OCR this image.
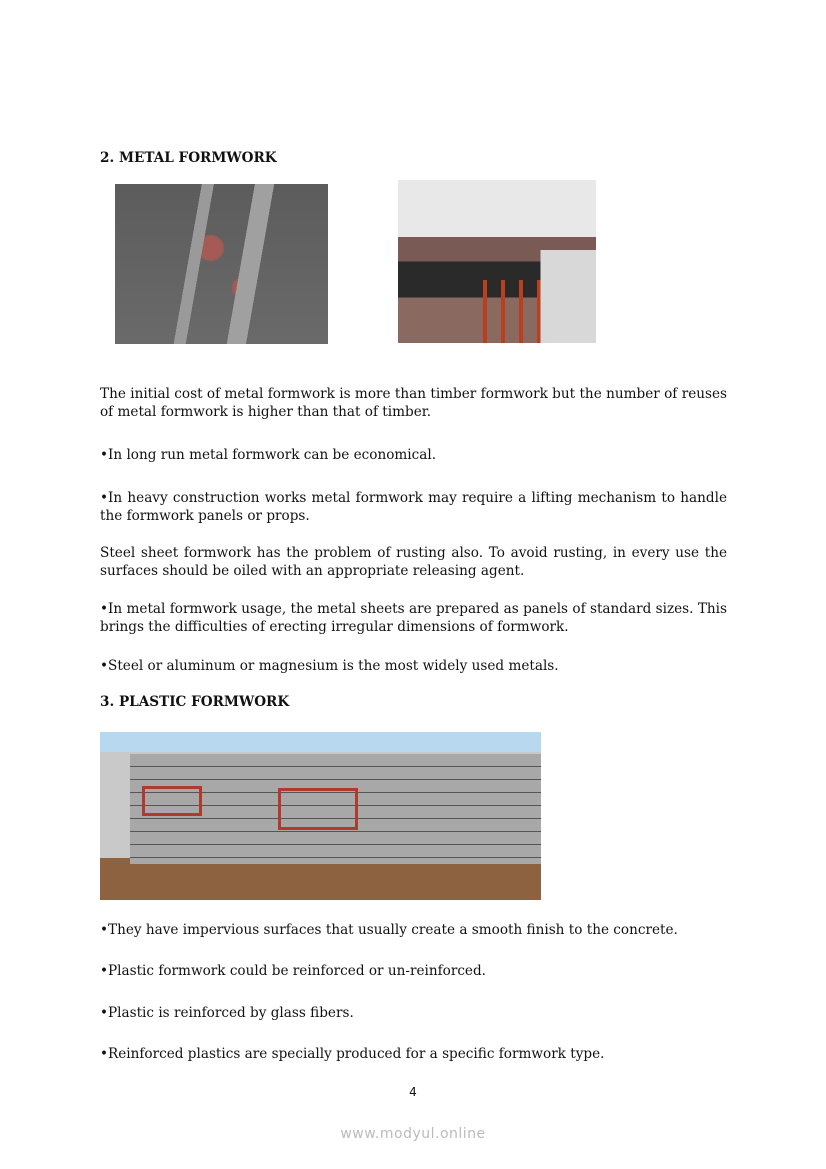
2. METAL FORMWORK

The initial cost of metal formwork is more than timber formwork but the number of reuses of metal formwork is higher than that of timber.

•In long run metal formwork can be economical.

•In heavy construction works metal formwork may require a lifting mechanism to handle the formwork panels or props.

Steel sheet formwork has the problem of rusting also. To avoid rusting, in every use the surfaces should be oiled with an appropriate releasing agent.

•In metal formwork usage, the metal sheets are prepared as panels of standard sizes. This brings the difficulties of erecting irregular dimensions of formwork.

•Steel or aluminum or magnesium is the most widely used metals.

3. PLASTIC FORMWORK

•They have impervious surfaces that usually create a smooth finish to the concrete.

•Plastic formwork could be reinforced or un-reinforced.

•Plastic is reinforced by glass fibers.

•Reinforced plastics are specially produced for a specific formwork type.

4
www.modyul.online
